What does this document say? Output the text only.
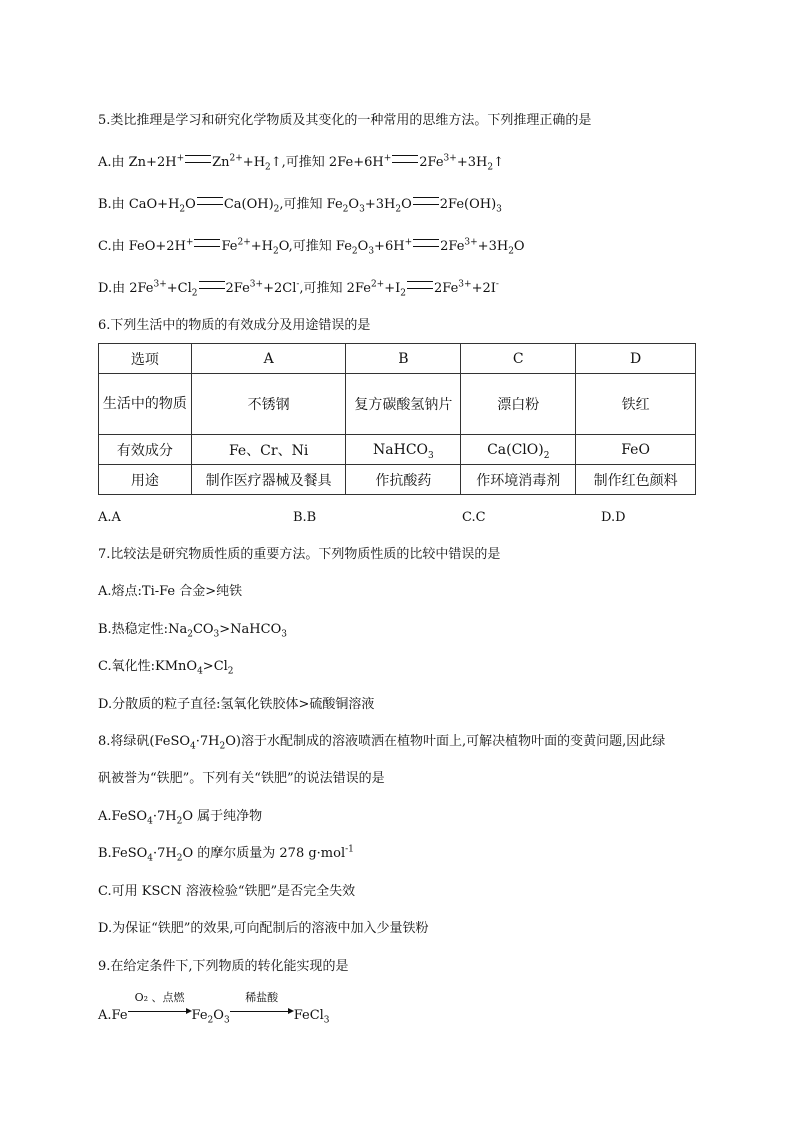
5.类比推理是学习和研究化学物质及其变化的一种常用的思维方法。下列推理正确的是
A.由 Zn+2H+ $Zn^{2+}+H_2↑$,可推知 2Fe+6H+ $2Fe^{3+}+3H_2↑$
B.由 $CaO+H_2O$ $Ca(OH)_2$,可推知 $Fe_2O_3+3H_2O$ $2Fe(OH)_3$
C.由 FeO+2H+ $Fe^{2+}+H_2O$,可推知 $Fe_2O_3+6H^+$ $2Fe^{3+}+3H_2O$
D.由 $2Fe^{3+}+Cl_2$ $2Fe^{3+}+2Cl^-$,可推知 $2Fe^{2+}+I_2$ $2Fe^{3+}+2I^-$
6.下列生活中的物质的有效成分及用途错误的是
选项	A	B	C	D
生活中的物质	不锈钢	复方碳酸氢钠片	漂白粉	铁红
有效成分	Fe、Cr、Ni	NaHCO$_3$	$Ca(ClO)_2$	FeO
用途	制作医疗器械及餐具	作抗酸药	作环境消毒剂	制作红色颜料
A.A	B.B	C.C	D.D
7.比较法是研究物质性质的重要方法。下列物质性质的比较中错误的是
A.熔点:Ti-Fe 合金>纯铁
B.热稳定性$:Na_2CO_3>NaHCO_3$
C.氧化性$:KMnO_4>Cl_2$
D.分散质的粒子直径:氢氧化铁胶体>硫酸铜溶液
8.将绿矾$(FeSO_4\cdot 7H_2O)$溶于水配制成的溶液喷洒在植物叶面上,可解决植物叶面的变黄问题,因此绿
矾被誉为“铁肥”。下列有关“铁肥”的说法错误的是
$A.FeSO_4\cdot 7H_2O$ 属于纯净物
$B.FeSO_4\cdot 7H_2O$ 的摩尔质量为 278 g·mol$^{-1}$
C.可用 KSCN 溶液检验“铁肥”是否完全失效
D.为保证“铁肥”的效果,可向配制后的溶液中加入少量铁粉
9.在给定条件下,下列物质的转化能实现的是
A.Fe
O₂ 、点燃
$Fe_2O_3$
稀盐酸
FeCl$_3$
